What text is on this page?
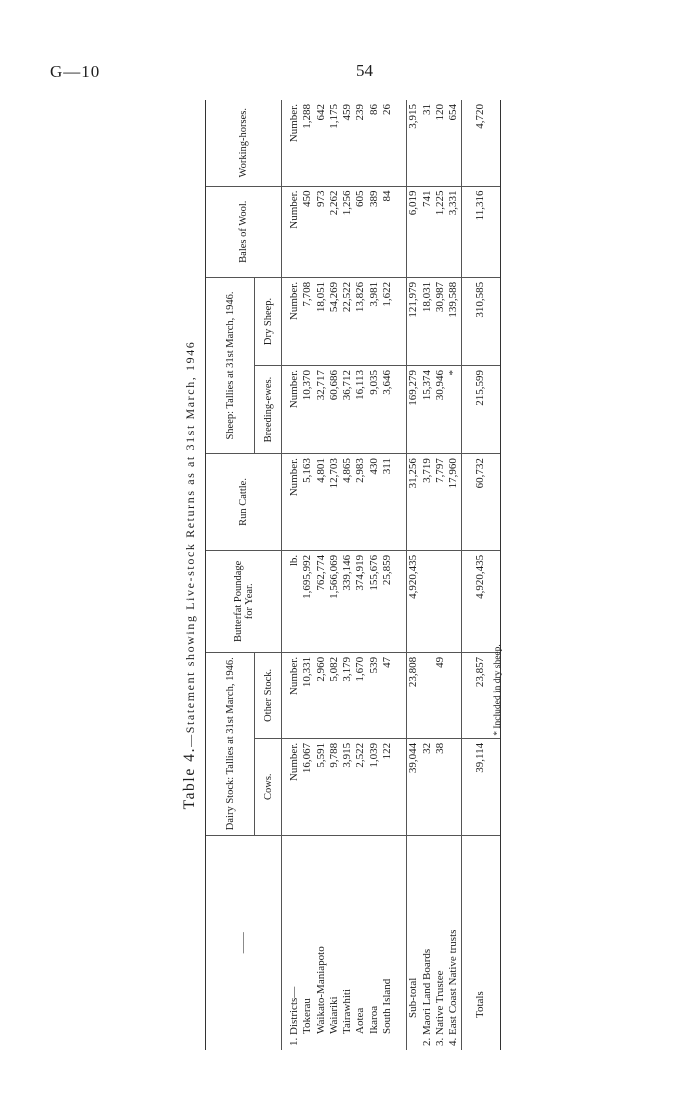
G—10	54
Table 4.—Statement showing Live-stock Returns as at 31st March, 1946
——	Dairy Stock: Tallies at 31st March, 1946.		Butterfat Poundage for Year.	Run Cattle.	Sheep: Tallies at 31st March, 1946.		Bales of Wool.	Working-horses.
	Cows.	Other Stock.			Breeding-ewes.	Dry Sheep.		
1. Districts—	Number.	Number.	lb.	Number.	Number.	Number.	Number.	Number.
Tokerau	16,067	10,331	1,695,992	5,163	10,370	7,708	450	1,288
Waikato-Maniapoto	5,591	2,960	762,774	4,801	32,717	18,051	973	642
Waiariki	9,788	5,082	1,566,069	12,703	60,686	54,269	2,262	1,175
Tairawhiti	3,915	3,179	339,146	4,865	36,712	22,522	1,256	459
Aotea	2,522	1,670	374,919	2,983	16,113	13,826	605	239
Ikaroa	1,039	539	155,676	430	9,035	3,981	389	86
South Island	122	47	25,859	311	3,646	1,622	84	26

Sub-total	39,044	23,808	4,920,435	31,256	169,279	121,979	6,019	3,915
2. Maori Land Boards	32			3,719	15,374	18,031	741	31
3. Native Trustee	38	49		7,797	30,946	30,987	1,225	120
4. East Coast Native trusts				17,960	*	139,588	3,331	654
Totals	39,114	23,857	4,920,435	60,732	215,599	310,585	11,316	4,720
* Included in dry sheep.
